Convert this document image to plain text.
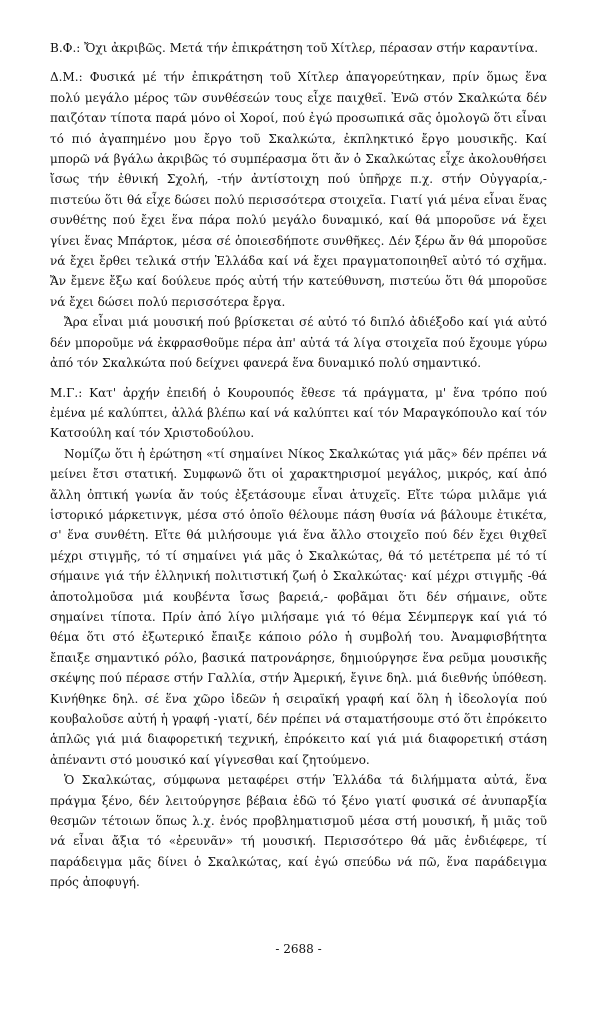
Β.Φ.: Ὄχι ἀκριβῶς. Μετά τήν ἐπικράτηση τοῦ Χίτλερ, πέρασαν στήν καραντίνα.

Δ.Μ.: Φυσικά μέ τήν ἐπικράτηση τοῦ Χίτλερ ἀπαγορεύτηκαν, πρίν ὅμως ἕνα πολύ μεγάλο μέρος τῶν συνθέσεών τους εἶχε παιχθεῖ. Ἐνῶ στόν Σκαλκώτα δέν παιζόταν τίποτα παρά μόνο οἱ Χοροί, πού ἐγώ προσωπικά σᾶς ὁμολογῶ ὅτι εἶναι τό πιό ἀγαπημένο μου ἔργο τοῦ Σκαλκώτα, ἐκπληκτικό ἔργο μουσικῆς. Καί μπορῶ νά βγάλω ἀκριβῶς τό συμπέρασμα ὅτι ἄν ὁ Σκαλκώτας εἶχε ἀκολουθήσει ἴσως τήν ἐθνική Σχολή, -τήν ἀντίστοιχη πού ὑπῆρχε π.χ. στήν Οὐγγαρία,- πιστεύω ὅτι θά εἶχε δώσει πολύ περισσότερα στοιχεῖα. Γιατί γιά μένα εἶναι ἕνας συνθέτης πού ἔχει ἕνα πάρα πολύ μεγάλο δυναμικό, καί θά μποροῦσε νά ἔχει γίνει ἕνας Μπάρτοκ, μέσα σέ ὁποιεσδήποτε συνθῆκες. Δέν ξέρω ἄν θά μποροῦσε νά ἔχει ἔρθει τελικά στήν Ἑλλάδα καί νά ἔχει πραγματοποιηθεῖ αὐτό τό σχῆμα. Ἄν ἔμενε ἔξω καί δούλευε πρός αὐτή τήν κατεύθυνση, πιστεύω ὅτι θά μποροῦσε νά ἔχει δώσει πολύ περισσότερα ἔργα.

Ἄρα εἶναι μιά μουσική πού βρίσκεται σέ αὐτό τό διπλό ἀδιέξοδο καί γιά αὐτό δέν μποροῦμε νά ἐκφρασθοῦμε πέρα ἀπ' αὐτά τά λίγα στοιχεῖα πού ἔχουμε γύρω ἀπό τόν Σκαλκώτα πού δείχνει φανερά ἕνα δυναμικό πολύ σημαντικό.

Μ.Γ.: Κατ' ἀρχήν ἐπειδή ὁ Κουρουπός ἔθεσε τά πράγματα, μ' ἕνα τρόπο πού ἐμένα μέ καλύπτει, ἀλλά βλέπω καί νά καλύπτει καί τόν Μαραγκόπουλο καί τόν Κατσούλη καί τόν Χριστοδούλου.

Νομίζω ὅτι ἡ ἐρώτηση «τί σημαίνει Νίκος Σκαλκώτας γιά μᾶς» δέν πρέπει νά μείνει ἔτσι στατική. Συμφωνῶ ὅτι οἱ χαρακτηρισμοί μεγάλος, μικρός, καί ἀπό ἄλλη ὀπτική γωνία ἄν τούς ἐξετάσουμε εἶναι ἀτυχεῖς. Εἴτε τώρα μιλᾶμε γιά ἱστορικό μάρκετινγκ, μέσα στό ὁποῖο θέλουμε πάση θυσία νά βάλουμε ἐτικέτα, σ' ἕνα συνθέτη. Εἴτε θά μιλήσουμε γιά ἕνα ἄλλο στοιχεῖο πού δέν ἔχει θιχθεῖ μέχρι στιγμῆς, τό τί σημαίνει γιά μᾶς ὁ Σκαλκώτας, θά τό μετέτρεπα μέ τό τί σήμαινε γιά τήν ἑλληνική πολιτιστική ζωή ὁ Σκαλκώτας· καί μέχρι στιγμῆς -θά ἀποτολμοῦσα μιά κουβέντα ἴσως βαρειά,- φοβᾶμαι ὅτι δέν σήμαινε, οὔτε σημαίνει τίποτα. Πρίν ἀπό λίγο μιλήσαμε γιά τό θέμα Σένμπεργκ καί γιά τό θέμα ὅτι στό ἐξωτερικό ἔπαιξε κάποιο ρόλο ἡ συμβολή του. Ἀναμφισβήτητα ἔπαιξε σημαντικό ρόλο, βασικά πατρονάρησε, δημιούργησε ἕνα ρεῦμα μουσικῆς σκέψης πού πέρασε στήν Γαλλία, στήν Ἀμερική, ἔγινε δηλ. μιά διεθνής ὑπόθεση. Κινήθηκε δηλ. σέ ἕνα χῶρο ἰδεῶν ἡ σειραϊκή γραφή καί ὅλη ἡ ἰδεολογία πού κουβαλοῦσε αὐτή ἡ γραφή -γιατί, δέν πρέπει νά σταματήσουμε στό ὅτι ἐπρόκειτο ἁπλῶς γιά μιά διαφορετική τεχνική, ἐπρόκειτο καί γιά μιά διαφορετική στάση ἀπέναντι στό μουσικό καί γίγνεσθαι καί ζητούμενο.

Ὁ Σκαλκώτας, σύμφωνα μεταφέρει στήν Ἑλλάδα τά διλήμματα αὐτά, ἕνα πράγμα ξένο, δέν λειτούργησε βέβαια ἐδῶ τό ξένο γιατί φυσικά σέ ἀνυπαρξία θεσμῶν τέτοιων ὅπως λ.χ. ἑνός προβληματισμοῦ μέσα στή μουσική, ἤ μιᾶς τοῦ νά εἶναι ἄξια τό «ἐρευνᾶν» τή μουσική. Περισσότερο θά μᾶς ἐνδιέφερε, τί παράδειγμα μᾶς δίνει ὁ Σκαλκώτας, καί ἐγώ σπεύδω νά πῶ, ἕνα παράδειγμα πρός ἀποφυγή.

- 2688 -
